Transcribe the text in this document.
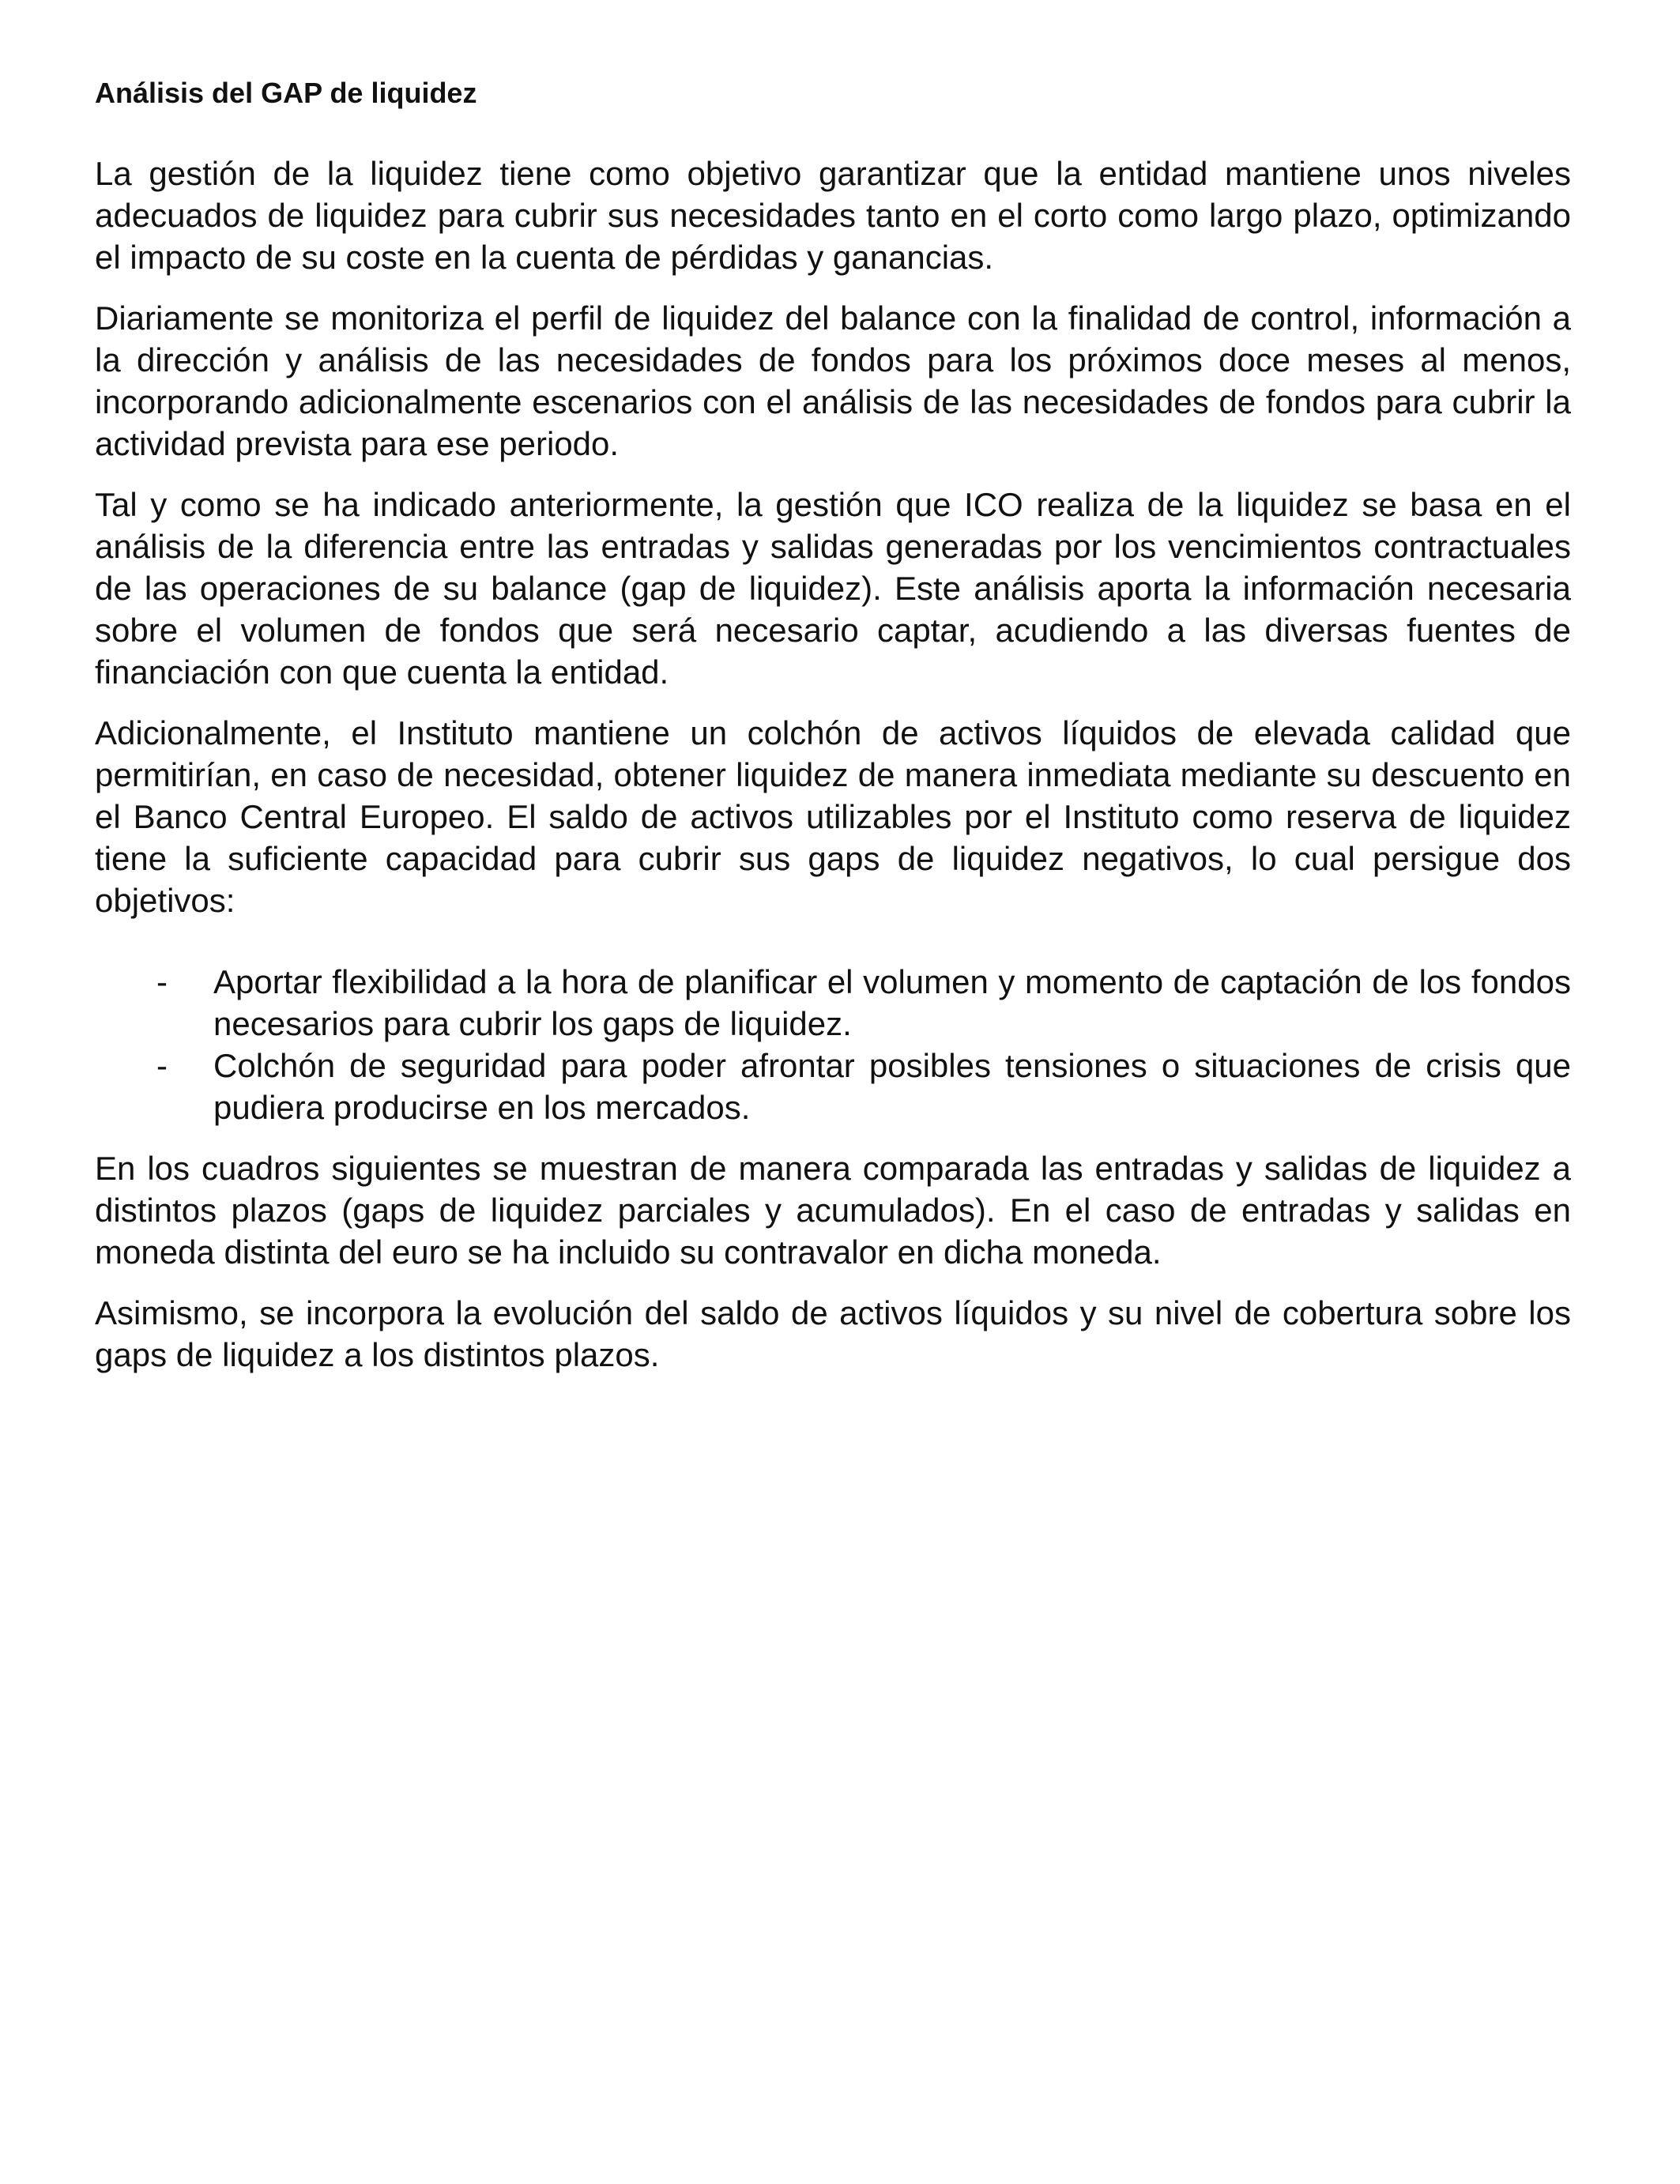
Análisis del GAP de liquidez

La gestión de la liquidez tiene como objetivo garantizar que la entidad mantiene unos niveles adecuados de liquidez para cubrir sus necesidades tanto en el corto como largo plazo, optimizando el impacto de su coste en la cuenta de pérdidas y ganancias.

Diariamente se monitoriza el perfil de liquidez del balance con la finalidad de control, información a la dirección y análisis de las necesidades de fondos para los próximos doce meses al menos, incorporando adicionalmente escenarios con el análisis de las necesidades de fondos para cubrir la actividad prevista para ese periodo.

Tal y como se ha indicado anteriormente, la gestión que ICO realiza de la liquidez se basa en el análisis de la diferencia entre las entradas y salidas generadas por los vencimientos contractuales de las operaciones de su balance (gap de liquidez). Este análisis aporta la información necesaria sobre el volumen de fondos que será necesario captar, acudiendo a las diversas fuentes de financiación con que cuenta la entidad.

Adicionalmente, el Instituto mantiene un colchón de activos líquidos de elevada calidad que permitirían, en caso de necesidad, obtener liquidez de manera inmediata mediante su descuento en el Banco Central Europeo. El saldo de activos utilizables por el Instituto como reserva de liquidez tiene la suficiente capacidad para cubrir sus gaps de liquidez negativos, lo cual persigue dos objetivos:

- Aportar flexibilidad a la hora de planificar el volumen y momento de captación de los fondos necesarios para cubrir los gaps de liquidez.
- Colchón de seguridad para poder afrontar posibles tensiones o situaciones de crisis que pudiera producirse en los mercados.

En los cuadros siguientes se muestran de manera comparada las entradas y salidas de liquidez a distintos plazos (gaps de liquidez parciales y acumulados). En el caso de entradas y salidas en moneda distinta del euro se ha incluido su contravalor en dicha moneda.

Asimismo, se incorpora la evolución del saldo de activos líquidos y su nivel de cobertura sobre los gaps de liquidez a los distintos plazos.
